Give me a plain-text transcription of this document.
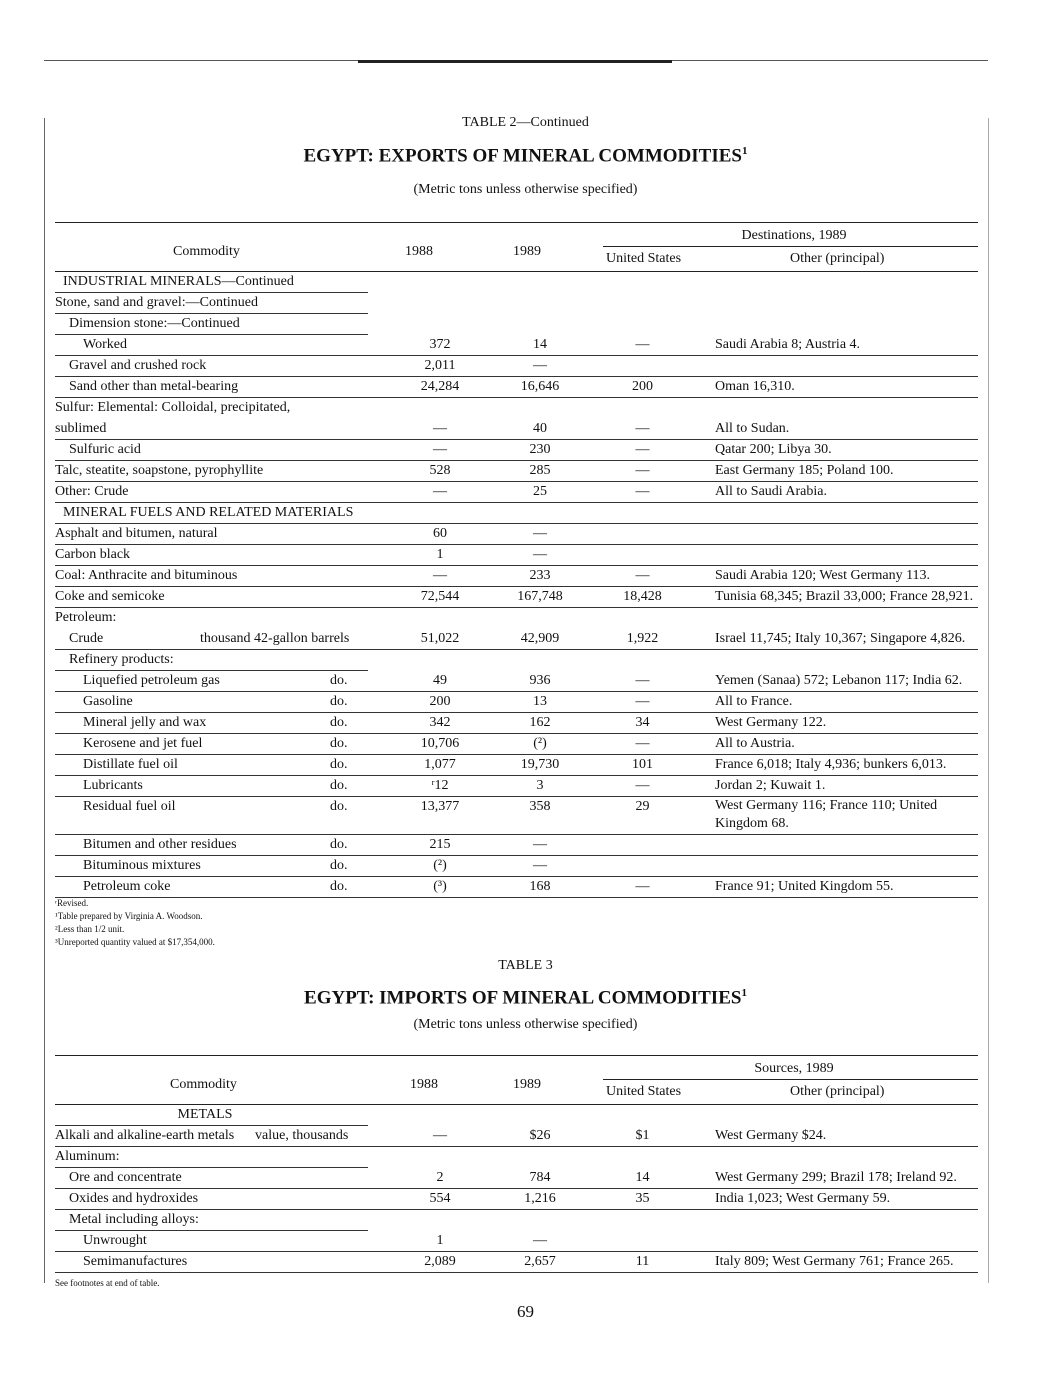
TABLE 2—Continued
EGYPT: EXPORTS OF MINERAL COMMODITIES$^1$
(Metric tons unless otherwise specified)
Commodity	1988	1989
Destinations, 1989
United States	Other (principal)
INDUSTRIAL MINERALS—Continued
Stone, sand and gravel:—Continued
Dimension stone:—Continued
Worked	372	14	—	Saudi Arabia 8; Austria 4.
Gravel and crushed rock	2,011	—
Sand other than metal-bearing	24,284	16,646	200	Oman 16,310.
Sulfur: Elemental: Colloidal, precipitated,
sublimed	—	40	—	All to Sudan.
Sulfuric acid	—	230	—	Qatar 200; Libya 30.
Talc, steatite, soapstone, pyrophyllite	528	285	—	East Germany 185; Poland 100.
Other: Crude	—	25	—	All to Saudi Arabia.
MINERAL FUELS AND RELATED MATERIALS
Asphalt and bitumen, natural	60	—
Carbon black	1	—
Coal: Anthracite and bituminous	—	233	—	Saudi Arabia 120; West Germany 113.
Coke and semicoke	72,544	167,748	18,428	Tunisia 68,345; Brazil 33,000; France 28,921.
Petroleum:
Crude	thousand 42-gallon barrels	51,022	42,909	1,922	Israel 11,745; Italy 10,367; Singapore 4,826.
Refinery products:
Liquefied petroleum gas	do.	49	936	—	Yemen (Sanaa) 572; Lebanon 117; India 62.
Gasoline	do.	200	13	—	All to France.
Mineral jelly and wax	do.	342	162	34	West Germany 122.
Kerosene and jet fuel	do.	10,706	(²)	—	All to Austria.
Distillate fuel oil	do.	1,077	19,730	101	France 6,018; Italy 4,936; bunkers 6,013.
Lubricants	do.	ʳ12	3	—	Jordan 2; Kuwait 1.
Residual fuel oil	do.	13,377	358	29	West Germany 116; France 110; United Kingdom 68.
Bitumen and other residues	do.	215	—
Bituminous mixtures	do.	(²)	—
Petroleum coke	do.	(³)	168	—	France 91; United Kingdom 55.
ʳRevised.
¹Table prepared by Virginia A. Woodson.
²Less than 1/2 unit.
³Unreported quantity valued at $17,354,000.
TABLE 3
EGYPT: IMPORTS OF MINERAL COMMODITIES$^1$
(Metric tons unless otherwise specified)
Commodity	1988	1989
Sources, 1989
United States	Other (principal)
METALS
Alkali and alkaline-earth metals value, thousands	—	$26	$1	West Germany $24.
Aluminum:
Ore and concentrate	2	784	14	West Germany 299; Brazil 178; Ireland 92.
Oxides and hydroxides	554	1,216	35	India 1,023; West Germany 59.
Metal including alloys:
Unwrought	1	—
Semimanufactures	2,089	2,657	11	Italy 809; West Germany 761; France 265.
See footnotes at end of table.
69
